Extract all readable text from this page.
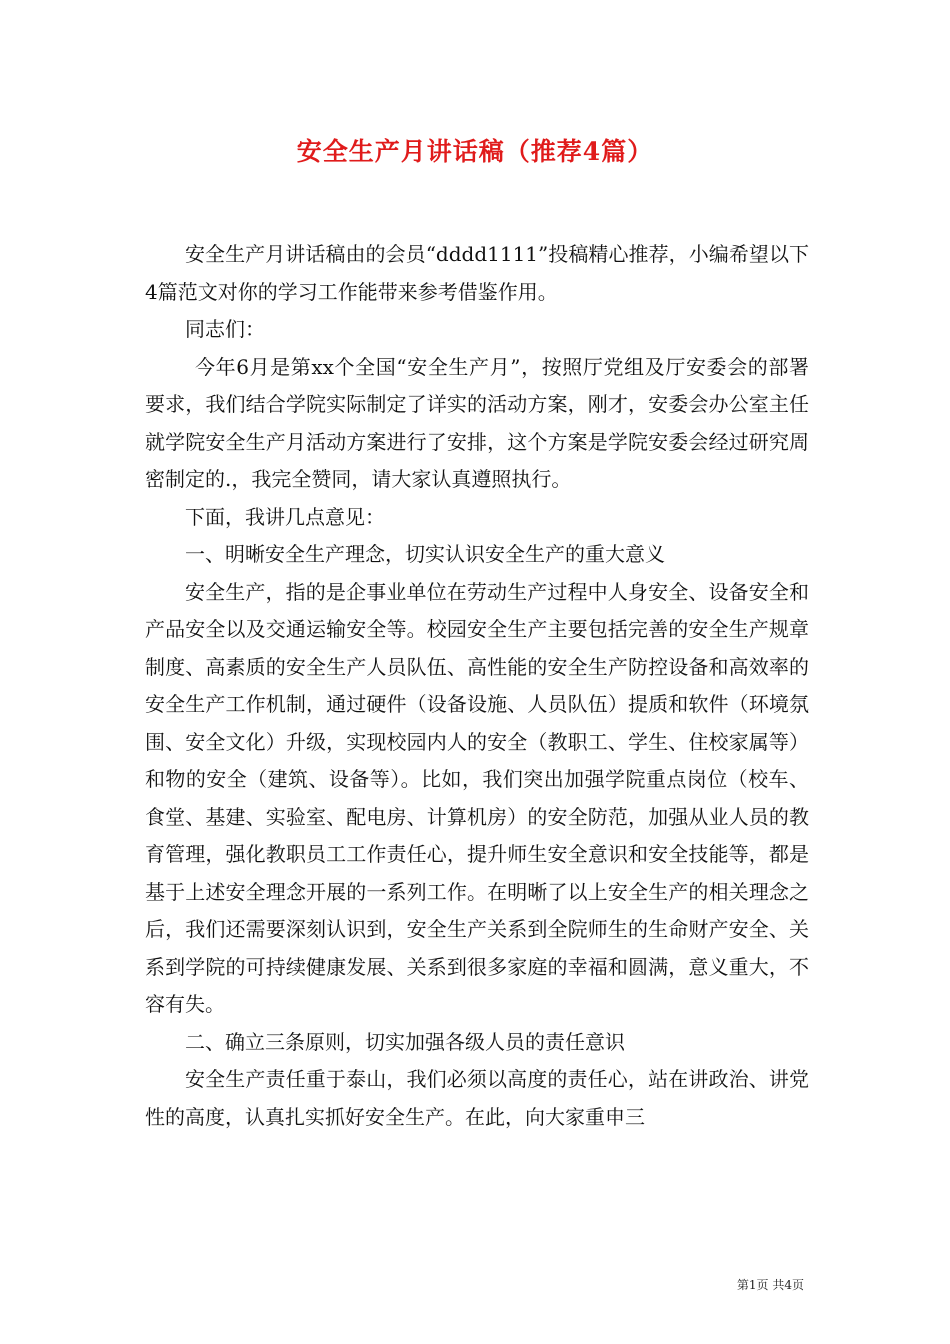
安全生产月讲话稿（推荐4篇）

安全生产月讲话稿由的会员“dddd1111”投稿精心推荐，小编希望以下4篇范文对你的学习工作能带来参考借鉴作用。

同志们：

今年6月是第xx个全国“安全生产月”，按照厅党组及厅安委会的部署要求，我们结合学院实际制定了详实的活动方案，刚才，安委会办公室主任就学院安全生产月活动方案进行了安排，这个方案是学院安委会经过研究周密制定的.，我完全赞同，请大家认真遵照执行。

下面，我讲几点意见：

一、明晰安全生产理念，切实认识安全生产的重大意义

安全生产，指的是企事业单位在劳动生产过程中人身安全、设备安全和产品安全以及交通运输安全等。校园安全生产主要包括完善的安全生产规章制度、高素质的安全生产人员队伍、高性能的安全生产防控设备和高效率的安全生产工作机制，通过硬件（设备设施、人员队伍）提质和软件（环境氛围、安全文化）升级，实现校园内人的安全（教职工、学生、住校家属等）和物的安全（建筑、设备等）。比如，我们突出加强学院重点岗位（校车、食堂、基建、实验室、配电房、计算机房）的安全防范，加强从业人员的教育管理，强化教职员工工作责任心，提升师生安全意识和安全技能等，都是基于上述安全理念开展的一系列工作。在明晰了以上安全生产的相关理念之后，我们还需要深刻认识到，安全生产关系到全院师生的生命财产安全、关系到学院的可持续健康发展、关系到很多家庭的幸福和圆满，意义重大，不容有失。

二、确立三条原则，切实加强各级人员的责任意识

安全生产责任重于泰山，我们必须以高度的责任心，站在讲政治、讲党性的高度，认真扎实抓好安全生产。在此，向大家重申三

第1页 共4页
